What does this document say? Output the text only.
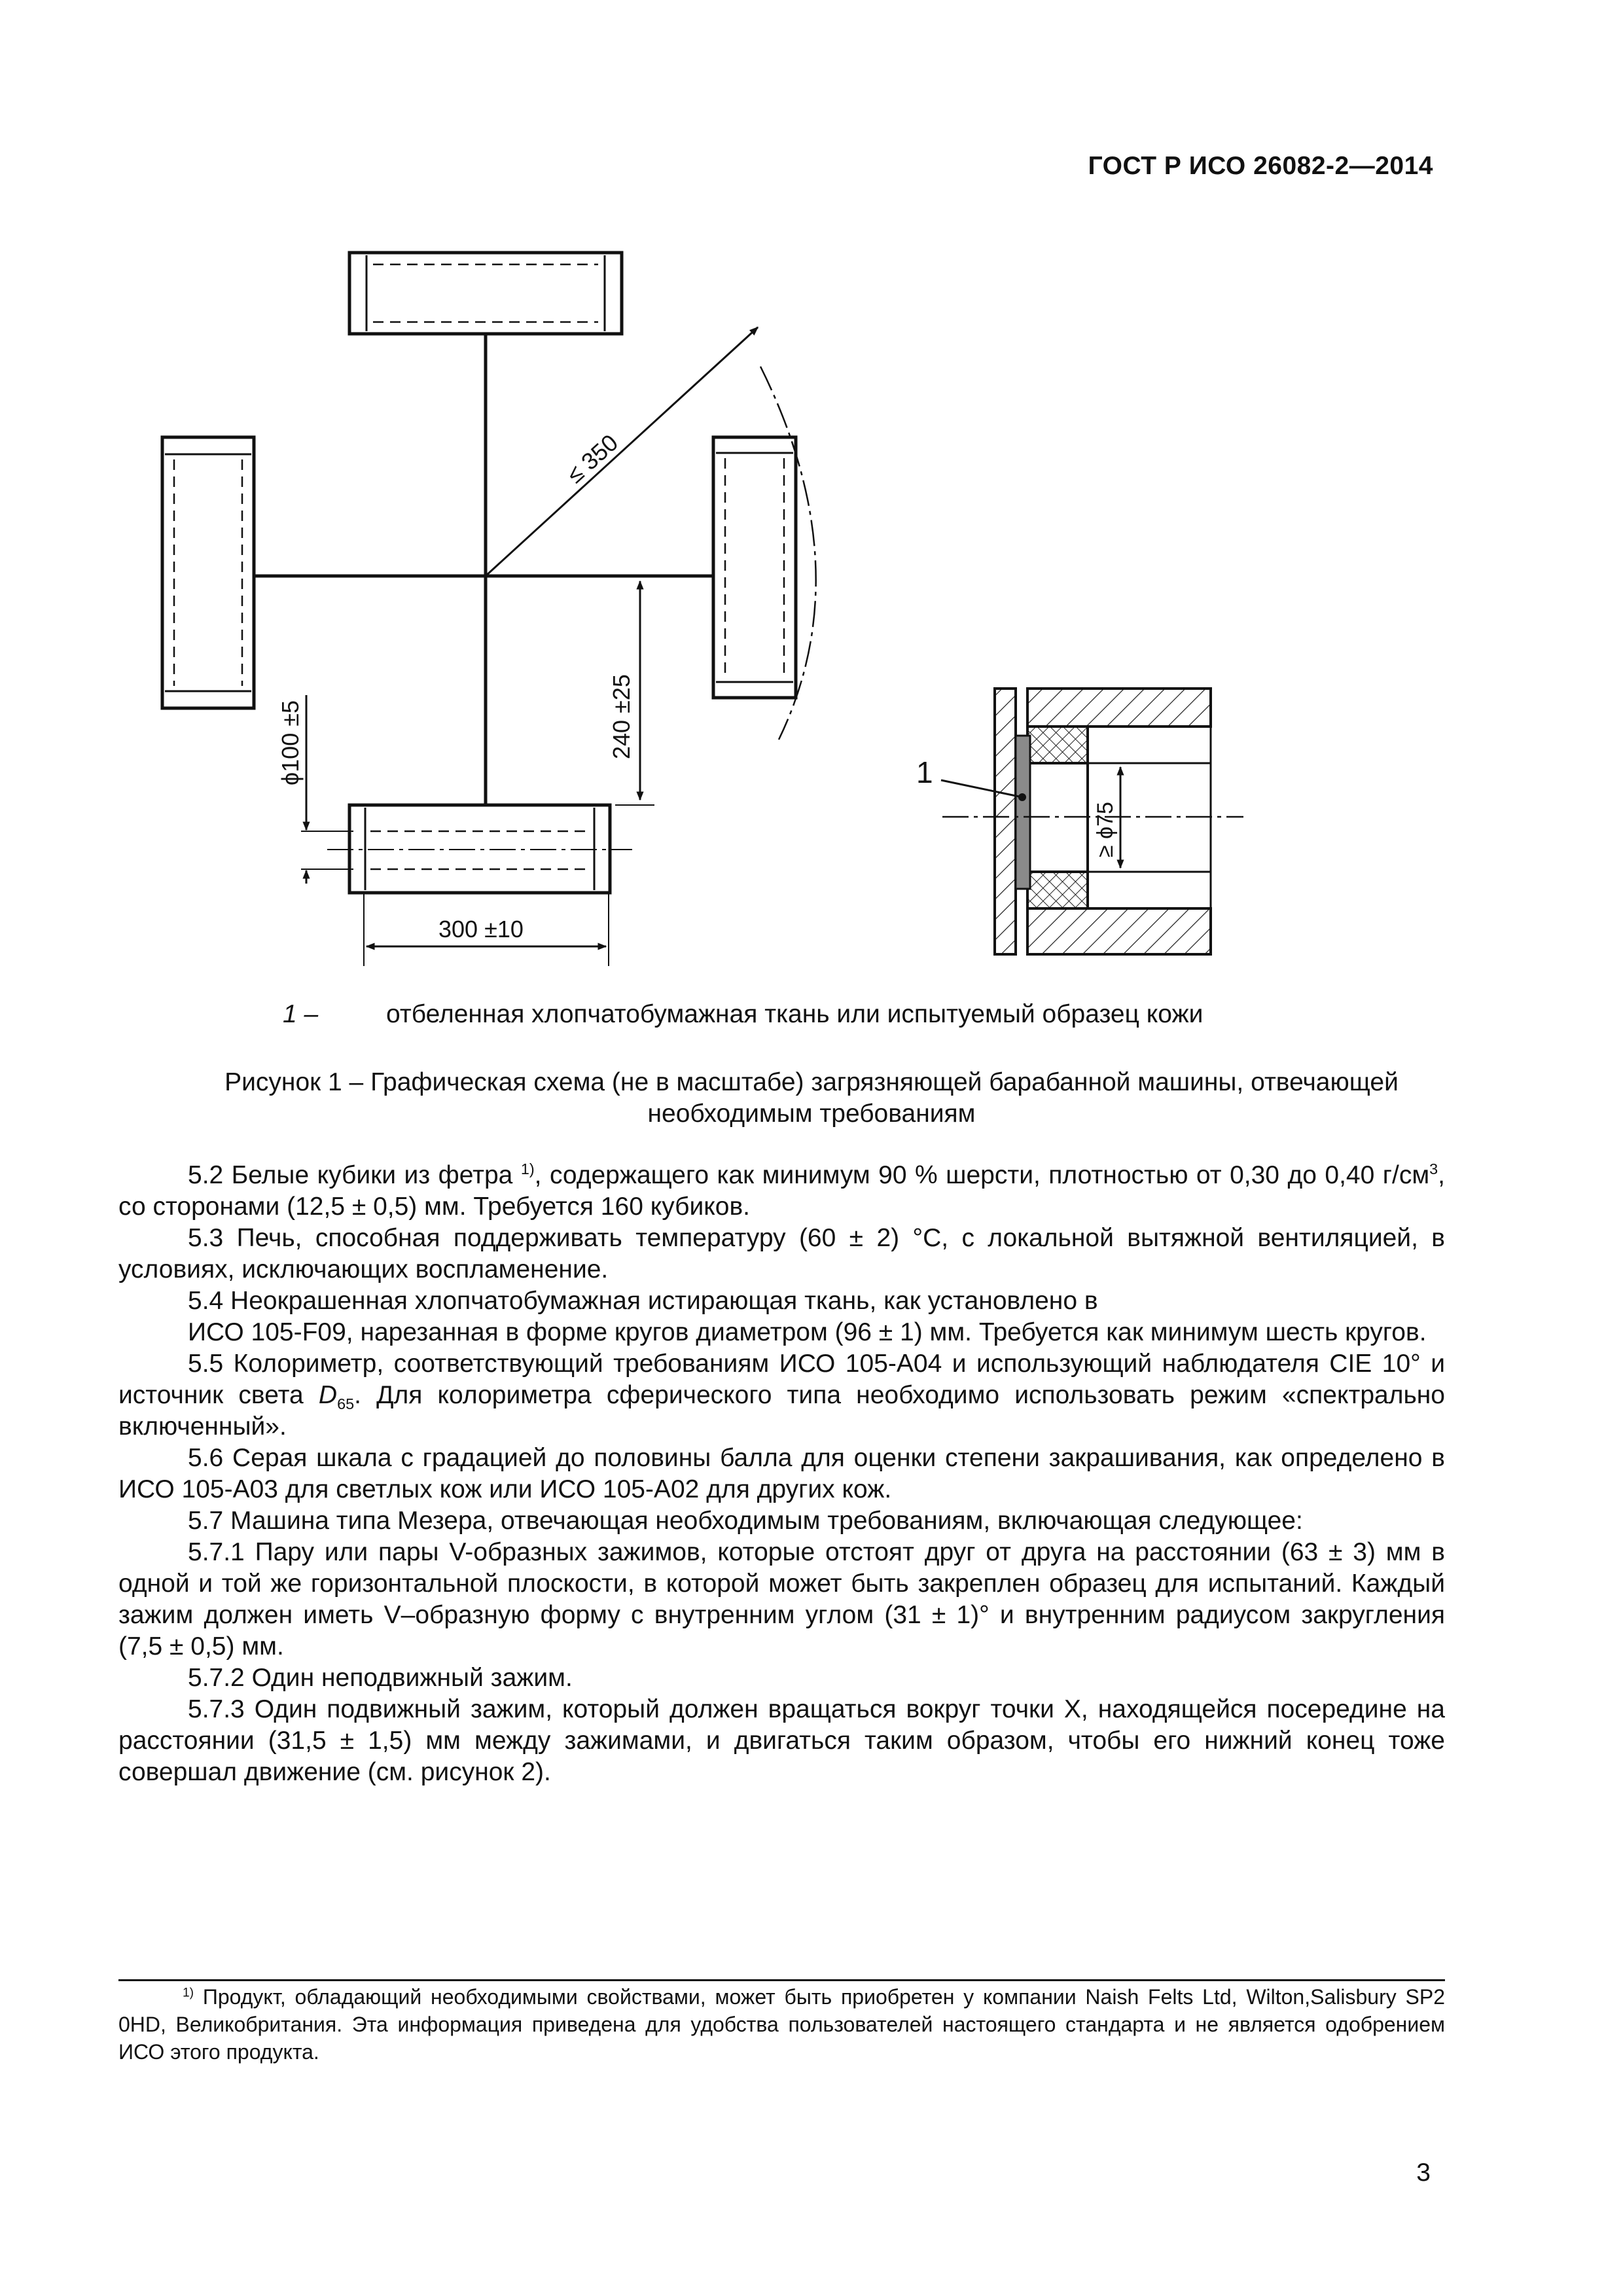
ГОСТ Р ИСО 26082-2—2014
≤ 350
240 ±25
ϕ100 ±5
300 ±10
≥ ϕ75
1
1 –	отбеленная хлопчатобумажная ткань или испытуемый образец кожи
Рисунок 1 – Графическая схема (не в масштабе) загрязняющей барабанной машины, отвечающей
необходимым требованиям

5.2 Белые кубики из фетра $^{1)}$, содержащего как минимум 90 % шерсти, плотностью от 0,30 до 0,40 $г/см^3$, со сторонами (12,5 ± 0,5) мм. Требуется 160 кубиков.

5.3 Печь, способная поддерживать температуру (60 ± 2) °С, с локальной вытяжной вентиляцией, в условиях, исключающих воспламенение.

5.4 Неокрашенная хлопчатобумажная истирающая ткань, как установлено в

ИСО 105-F09, нарезанная в форме кругов диаметром (96 ± 1) мм. Требуется как минимум шесть кругов.

5.5 Колориметр, соответствующий требованиям ИСО 105-А04 и использующий наблюдателя CIE 10° и источник света $D_{65}$. Для колориметра сферического типа необходимо использовать режим «спектрально включенный».

5.6 Серая шкала с градацией до половины балла для оценки степени закрашивания, как определено в ИСО 105-А03 для светлых кож или ИСО 105-А02 для других кож.

5.7 Машина типа Мезера, отвечающая необходимым требованиям, включающая следующее:

5.7.1 Пару или пары V-образных зажимов, которые отстоят друг от друга на расстоянии (63 ± 3) мм в одной и той же горизонтальной плоскости, в которой может быть закреплен образец для испытаний. Каждый зажим должен иметь V–образную форму с внутренним углом (31 ± 1)° и внутренним радиусом закругления (7,5 ± 0,5) мм.

5.7.2 Один неподвижный зажим.

5.7.3 Один подвижный зажим, который должен вращаться вокруг точки X, находящейся посередине на расстоянии (31,5 ± 1,5) мм между зажимами, и двигаться таким образом, чтобы его нижний конец тоже совершал движение (см. рисунок 2).

$^{1)}$ Продукт, обладающий необходимыми свойствами, может быть приобретен у компании Naish Felts Ltd, Wilton,Salisbury SP2 0HD, Великобритания. Эта информация приведена для удобства пользователей настоящего стандарта и не является одобрением ИСО этого продукта.

3
